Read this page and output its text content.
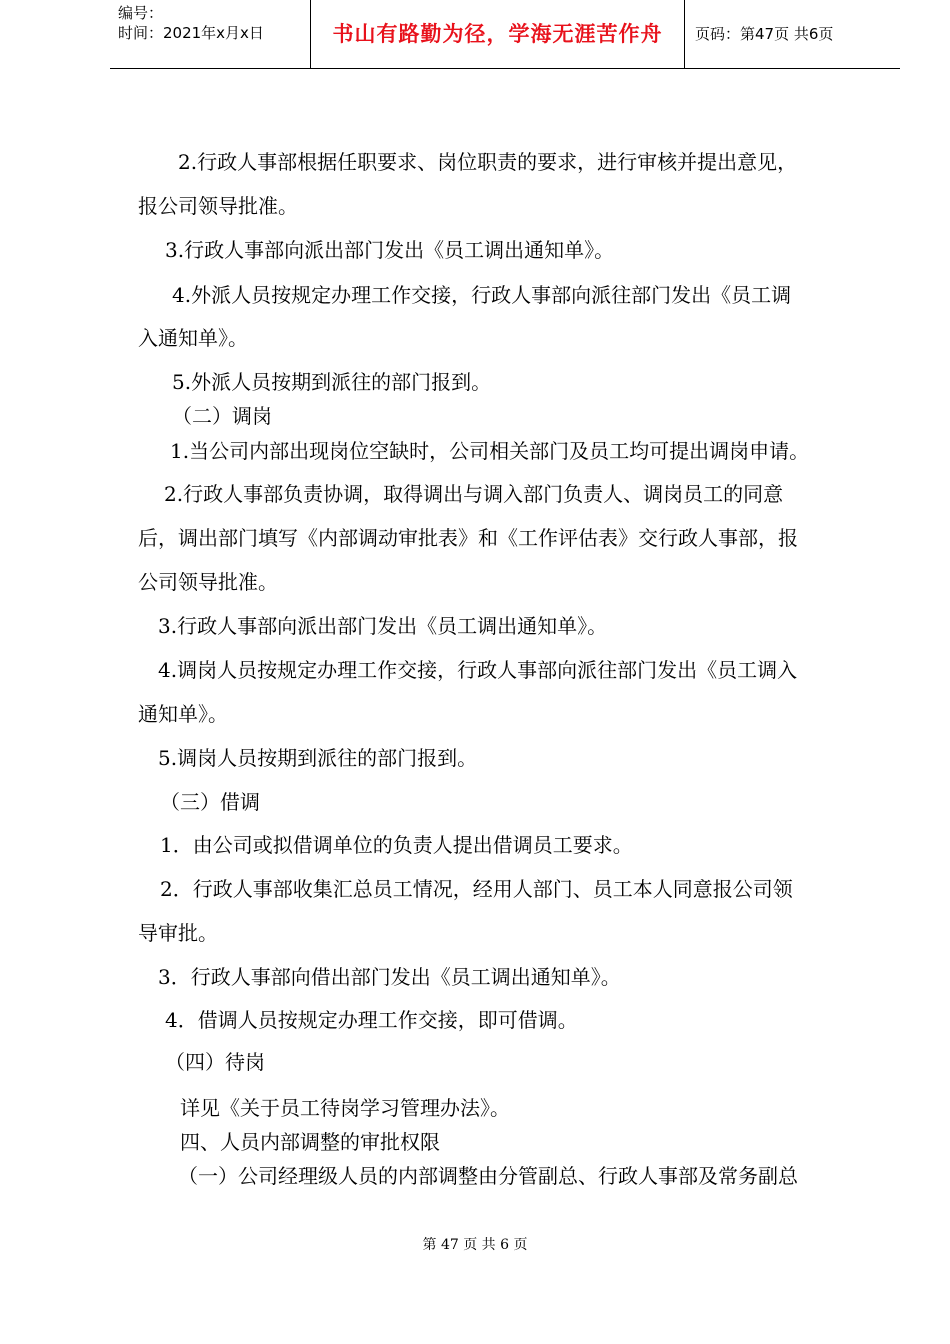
编号：
时间：2021年x月x日	书山有路勤为径，学海无涯苦作舟	页码：第47页 共6页
2.行政人事部根据任职要求、岗位职责的要求，进行审核并提出意见，
报公司领导批准。
3.行政人事部向派出部门发出《员工调出通知单》。
4.外派人员按规定办理工作交接，行政人事部向派往部门发出《员工调
入通知单》。
5.外派人员按期到派往的部门报到。
（二）调岗
1.当公司内部出现岗位空缺时，公司相关部门及员工均可提出调岗申请。
2.行政人事部负责协调，取得调出与调入部门负责人、调岗员工的同意
后，调出部门填写《内部调动审批表》和《工作评估表》交行政人事部，报
公司领导批准。
3.行政人事部向派出部门发出《员工调出通知单》。
4.调岗人员按规定办理工作交接，行政人事部向派往部门发出《员工调入
通知单》。
5.调岗人员按期到派往的部门报到。
（三）借调
1．由公司或拟借调单位的负责人提出借调员工要求。
2．行政人事部收集汇总员工情况，经用人部门、员工本人同意报公司领
导审批。
3．行政人事部向借出部门发出《员工调出通知单》。
4．借调人员按规定办理工作交接，即可借调。
（四）待岗
详见《关于员工待岗学习管理办法》。
四、人员内部调整的审批权限
（一）公司经理级人员的内部调整由分管副总、行政人事部及常务副总
第 47 页 共 6 页
